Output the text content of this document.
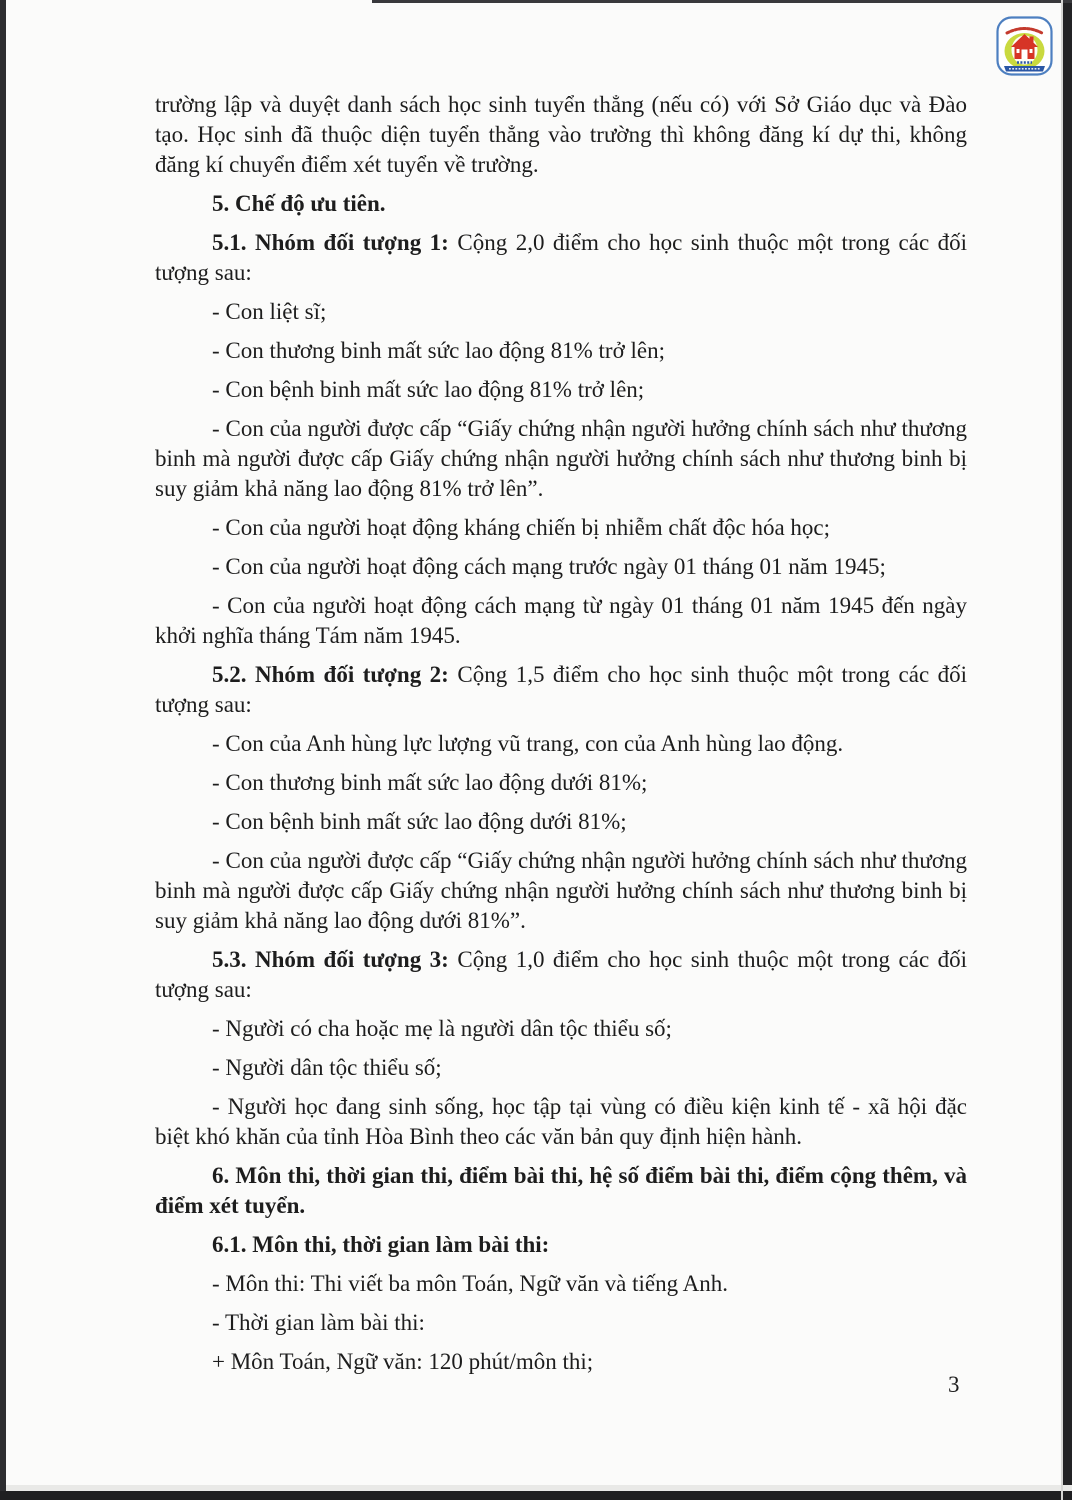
trường lập và duyệt danh sách học sinh tuyển thẳng (nếu có) với Sở Giáo dục và Đào tạo. Học sinh đã thuộc diện tuyển thẳng vào trường thì không đăng kí dự thi, không đăng kí chuyển điểm xét tuyển về trường.

5. Chế độ ưu tiên.

5.1. Nhóm đối tượng 1: Cộng 2,0 điểm cho học sinh thuộc một trong các đối tượng sau:

- Con liệt sĩ;

- Con thương binh mất sức lao động 81% trở lên;

- Con bệnh binh mất sức lao động 81% trở lên;

- Con của người được cấp “Giấy chứng nhận người hưởng chính sách như thương binh mà người được cấp Giấy chứng nhận người hưởng chính sách như thương binh bị suy giảm khả năng lao động 81% trở lên”.

- Con của người hoạt động kháng chiến bị nhiễm chất độc hóa học;

- Con của người hoạt động cách mạng trước ngày 01 tháng 01 năm 1945;

- Con của người hoạt động cách mạng từ ngày 01 tháng 01 năm 1945 đến ngày khởi nghĩa tháng Tám năm 1945.

5.2. Nhóm đối tượng 2: Cộng 1,5 điểm cho học sinh thuộc một trong các đối tượng sau:

- Con của Anh hùng lực lượng vũ trang, con của Anh hùng lao động.

- Con thương binh mất sức lao động dưới 81%;

- Con bệnh binh mất sức lao động dưới 81%;

- Con của người được cấp “Giấy chứng nhận người hưởng chính sách như thương binh mà người được cấp Giấy chứng nhận người hưởng chính sách như thương binh bị suy giảm khả năng lao động dưới 81%”.

5.3. Nhóm đối tượng 3: Cộng 1,0 điểm cho học sinh thuộc một trong các đối tượng sau:

- Người có cha hoặc mẹ là người dân tộc thiểu số;

- Người dân tộc thiểu số;

- Người học đang sinh sống, học tập tại vùng có điều kiện kinh tế - xã hội đặc biệt khó khăn của tỉnh Hòa Bình theo các văn bản quy định hiện hành.

6. Môn thi, thời gian thi, điểm bài thi, hệ số điểm bài thi, điểm cộng thêm, và điểm xét tuyển.

6.1. Môn thi, thời gian làm bài thi:

- Môn thi: Thi viết ba môn Toán, Ngữ văn và tiếng Anh.

- Thời gian làm bài thi:

+ Môn Toán, Ngữ văn: 120 phút/môn thi;

3
